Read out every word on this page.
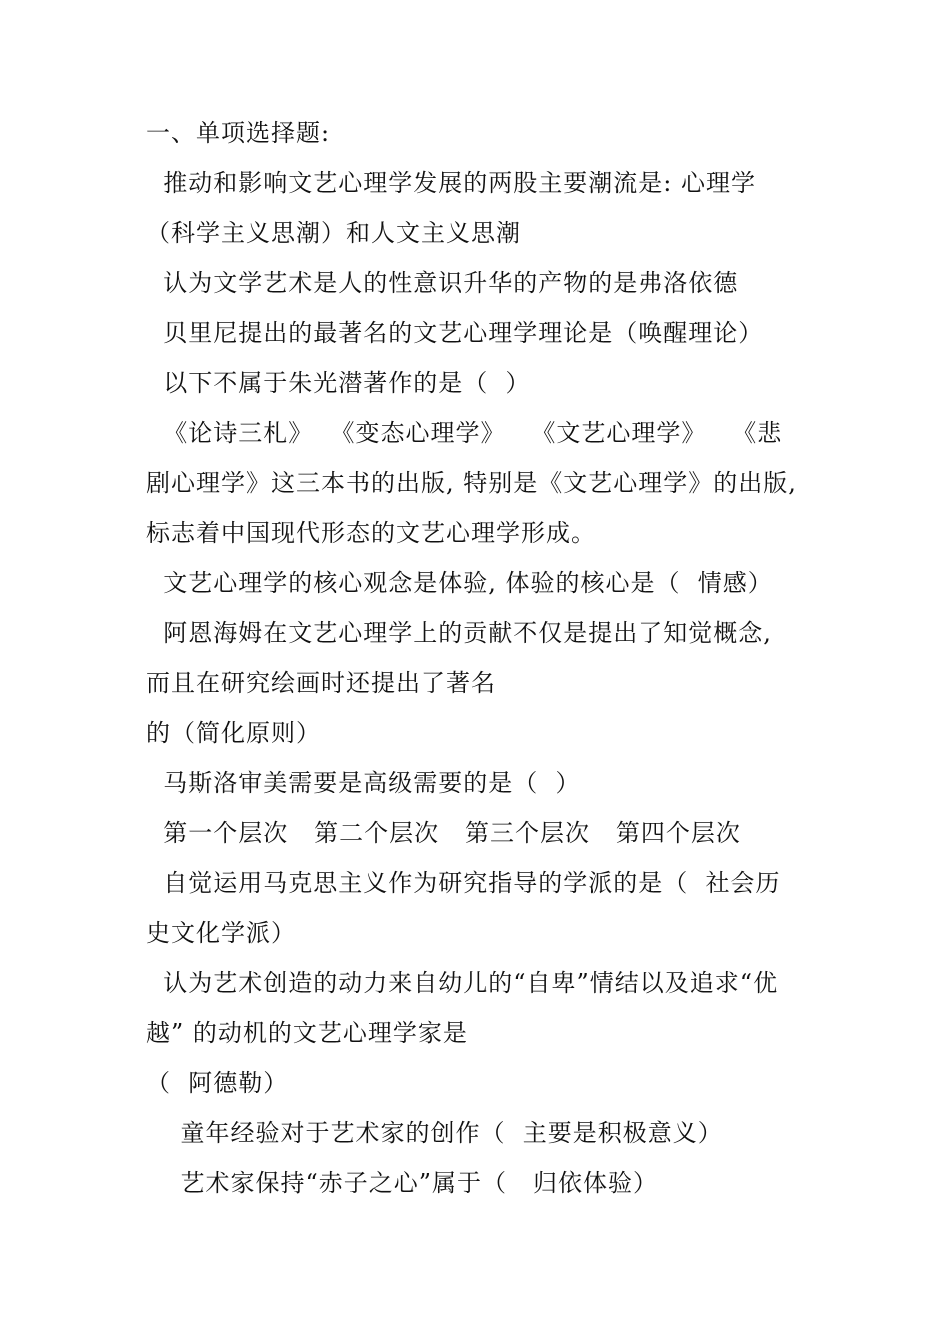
一、单项选择题:
推动和影响文艺心理学发展的两股主要潮流是: 心理学
（科学主义思潮）和人文主义思潮
认为文学艺术是人的性意识升华的产物的是弗洛依德
贝里尼提出的最著名的文艺心理学理论是（唤醒理论）
以下不属于朱光潜著作的是（  ）
《论诗三札》  《变态心理学》   《文艺心理学》   《悲
剧心理学》这三本书的出版, 特别是《文艺心理学》的出版,
标志着中国现代形态的文艺心理学形成。
文艺心理学的核心观念是体验, 体验的核心是（  情感）
阿恩海姆在文艺心理学上的贡献不仅是提出了知觉概念,
而且在研究绘画时还提出了著名
的（简化原则）
马斯洛审美需要是高级需要的是（  ）
第一个层次   第二个层次   第三个层次   第四个层次
自觉运用马克思主义作为研究指导的学派的是（  社会历
史文化学派）
认为艺术创造的动力来自幼儿的“自卑”情结以及追求“优
越” 的动机的文艺心理学家是
（  阿德勒）
童年经验对于艺术家的创作（  主要是积极意义）
艺术家保持“赤子之心”属于（   归依体验）
